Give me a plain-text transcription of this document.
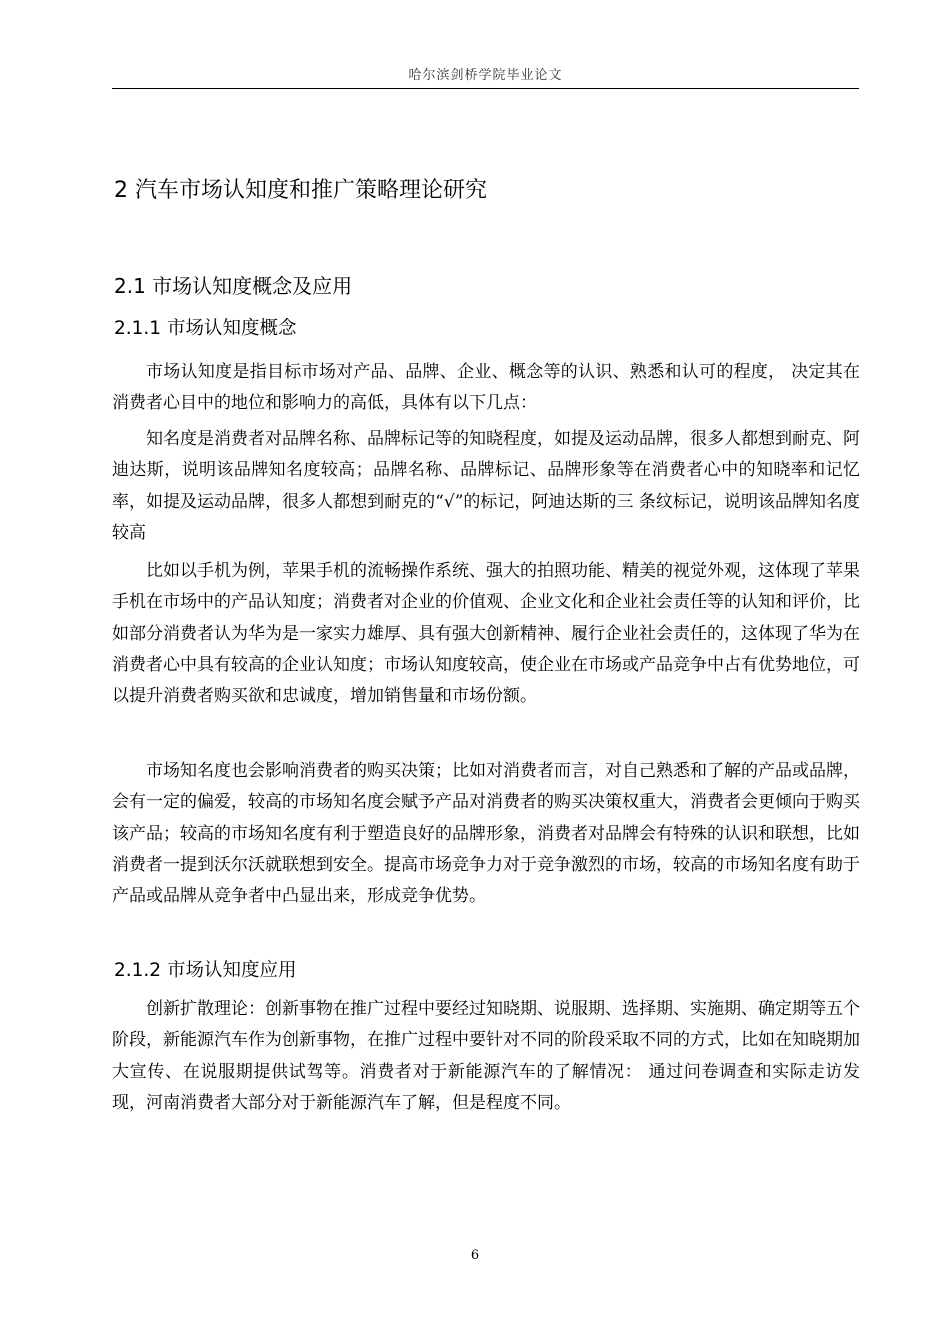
哈尔滨剑桥学院毕业论文
2 汽车市场认知度和推广策略理论研究
2.1 市场认知度概念及应用
2.1.1 市场认知度概念

市场认知度是指目标市场对产品、品牌、企业、概念等的认识、熟悉和认可的程度， 决定其在消费者心目中的地位和影响力的高低，具体有以下几点：

知名度是消费者对品牌名称、品牌标记等的知晓程度，如提及运动品牌，很多人都想到耐克、阿迪达斯，说明该品牌知名度较高；品牌名称、品牌标记、品牌形象等在消费者心中的知晓率和记忆率，如提及运动品牌，很多人都想到耐克的“√”的标记，阿迪达斯的三 条纹标记，说明该品牌知名度较高

比如以手机为例，苹果手机的流畅操作系统、强大的拍照功能、精美的视觉外观，这体现了苹果手机在市场中的产品认知度；消费者对企业的价值观、企业文化和企业社会责任等的认知和评价，比如部分消费者认为华为是一家实力雄厚、具有强大创新精神、履行企业社会责任的，这体现了华为在消费者心中具有较高的企业认知度；市场认知度较高，使企业在市场或产品竞争中占有优势地位，可以提升消费者购买欲和忠诚度，增加销售量和市场份额。

市场知名度也会影响消费者的购买决策；比如对消费者而言，对自己熟悉和了解的产品或品牌，会有一定的偏爱，较高的市场知名度会赋予产品对消费者的购买决策权重大，消费者会更倾向于购买该产品；较高的市场知名度有利于塑造良好的品牌形象，消费者对品牌会有特殊的认识和联想，比如消费者一提到沃尔沃就联想到安全。提高市场竞争力对于竞争激烈的市场，较高的市场知名度有助于产品或品牌从竞争者中凸显出来，形成竞争优势。

2.1.2 市场认知度应用

创新扩散理论：创新事物在推广过程中要经过知晓期、说服期、选择期、实施期、确定期等五个阶段，新能源汽车作为创新事物，在推广过程中要针对不同的阶段采取不同的方式，比如在知晓期加大宣传、在说服期提供试驾等。消费者对于新能源汽车的了解情况： 通过问卷调查和实际走访发现，河南消费者大部分对于新能源汽车了解，但是程度不同。

6
